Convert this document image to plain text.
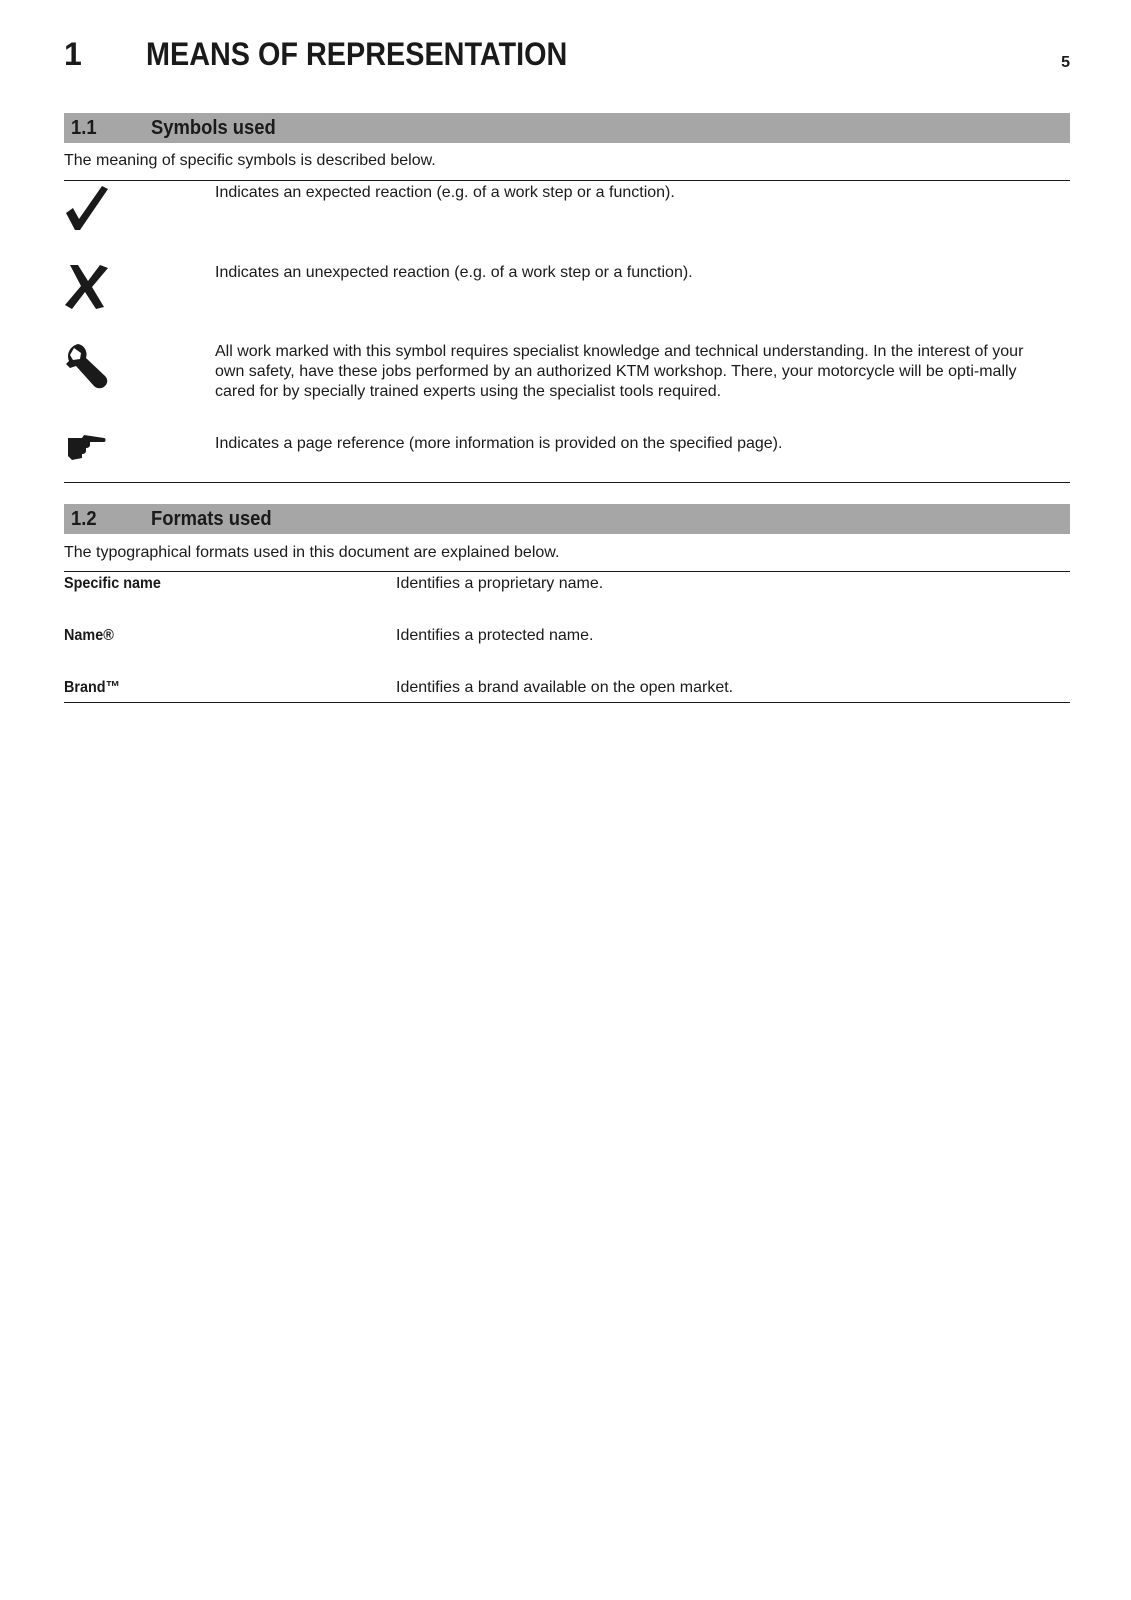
1 MEANS OF REPRESENTATION	5
1.1	Symbols used
The meaning of specific symbols is described below.
Indicates an expected reaction (e.g. of a work step or a function).
Indicates an unexpected reaction (e.g. of a work step or a function).
All work marked with this symbol requires specialist knowledge and technical understanding. In the interest of your own safety, have these jobs performed by an authorized KTM workshop. There, your motorcycle will be opti-mally cared for by specially trained experts using the specialist tools required.
Indicates a page reference (more information is provided on the specified page).
1.2	Formats used
The typographical formats used in this document are explained below.
Specific name	Identifies a proprietary name.
Name®	Identifies a protected name.
Brand™	Identifies a brand available on the open market.
